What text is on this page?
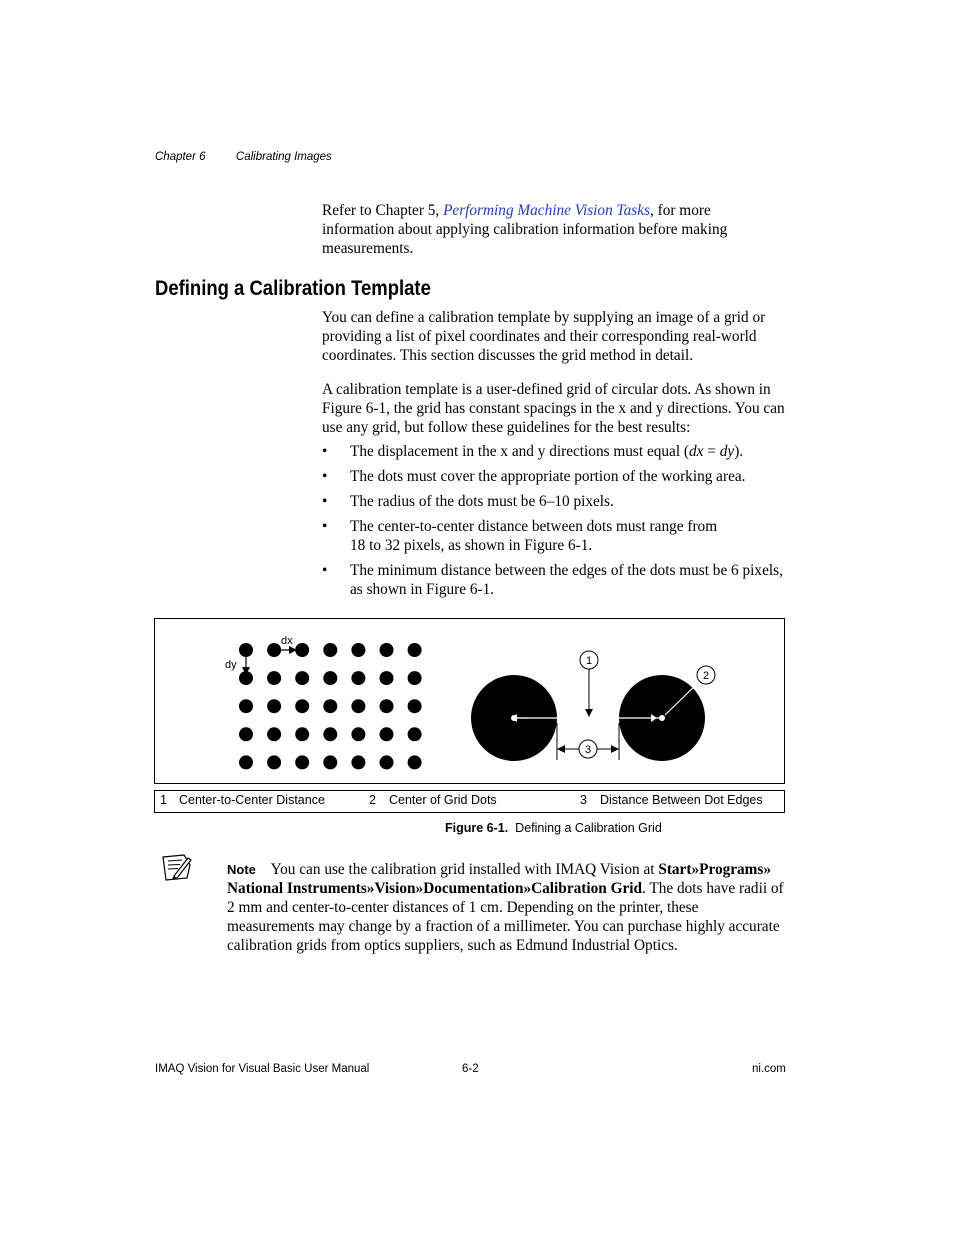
Chapter 6	Calibrating Images
Refer to Chapter 5, Performing Machine Vision Tasks, for more information about applying calibration information before making measurements.
Defining a Calibration Template
You can define a calibration template by supplying an image of a grid or providing a list of pixel coordinates and their corresponding real-world coordinates. This section discusses the grid method in detail.
A calibration template is a user-defined grid of circular dots. As shown in Figure 6-1, the grid has constant spacings in the x and y directions. You can use any grid, but follow these guidelines for the best results:
• The displacement in the x and y directions must equal (dx = dy).
• The dots must cover the appropriate portion of the working area.
• The radius of the dots must be 6–10 pixels.
• The center-to-center distance between dots must range from
18 to 32 pixels, as shown in Figure 6-1.
• The minimum distance between the edges of the dots must be 6 pixels,
as shown in Figure 6-1.
dx
dy	1
2
3
1 Center-to-Center Distance	2 Center of Grid Dots	3 Distance Between Dot Edges
Figure 6-1. Defining a Calibration Grid
Note You can use the calibration grid installed with IMAQ Vision at Start»Programs» National Instruments»Vision»Documentation»Calibration Grid. The dots have radii of 2 mm and center-to-center distances of 1 cm. Depending on the printer, these measurements may change by a fraction of a millimeter. You can purchase highly accurate calibration grids from optics suppliers, such as Edmund Industrial Optics.
IMAQ Vision for Visual Basic User Manual	6-2	ni.com
